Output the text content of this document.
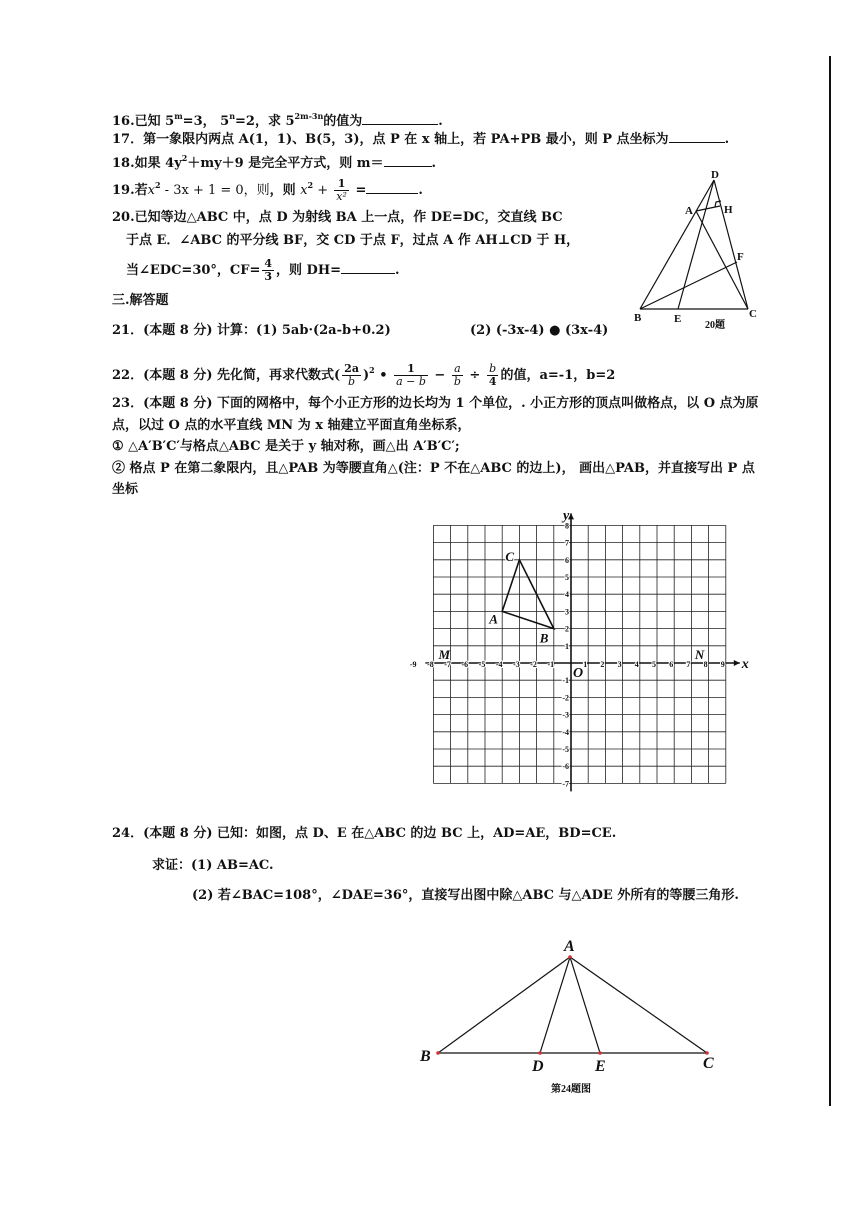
16.已知 $5^m=3$， $5^n=2$，求 $5^{2m-3n}$的值为	.
17．第一象限内两点 A(1，1)、B(5，3)，点 P 在 x 轴上，若 PA+PB 最小，则 P 点坐标为	.
18.如果 $4y^2+my+9$ 是完全平方式，则 m＝	.
19.若$x^2 - 3x + 1 = 0$，则，则 $x^2 + \frac{1}{\text{x²}}$ =	.
20.已知等边△ABC 中，点 D 为射线 BA 上一点，作 DE=DC，交直线 BC
于点 E．∠ABC 的平分线 BF，交 CD 于点 F，过点 A 作 AH⊥CD 于 H，
当∠EDC=30°，$CF= \frac{4}{3}$ ，则 DH=	.
D
A	H
F
B	E	C
20题
三.解答题
21．(本题 8 分) 计算：(1) 5ab·(2a-b+0.2)	(2) (-3x-4) ● (3x-4)
22．(本题 8 分) 先化简，再求代数式( $\frac{2a}{b} )^2$ • $\frac{1}{a - b} - \frac{a}{b} \div \frac{b}{4}$ 的值，a=-1，b=2
23．(本题 8 分) 下面的网格中，每个小正方形的边长均为 1 个单位，. 小正方形的顶点叫做格点，以 O 点为原
点，以过 O 点的水平直线 MN 为 x 轴建立平面直角坐标系，
① △A′B′C′与格点△ABC 是关于 y 轴对称，画△出 A′B′C′;
② 格点 P 在第二象限内，且△PAB 为等腰直角△(注：P 不在△ABC 的边上)， 画出△PAB，并直接写出 P 点
坐标
-9 -8 -7 -6 -5 -4 -3 -2 -1	1 2 3 4 5 6 7 8 9
8
7
6
5
4
3
2
1
-1
-2
-3
-4
-5
-6
-7
x
y
O
M	N
A
B
C
24．(本题 8 分) 已知：如图，点 D、E 在△ABC 的边 BC 上，AD=AE，BD=CE.
求证：(1) AB=AC.
(2) 若∠BAC=108°，∠DAE=36°，直接写出图中除△ABC 与△ADE 外所有的等腰三角形.
A
B
D	E	C
第24题图
